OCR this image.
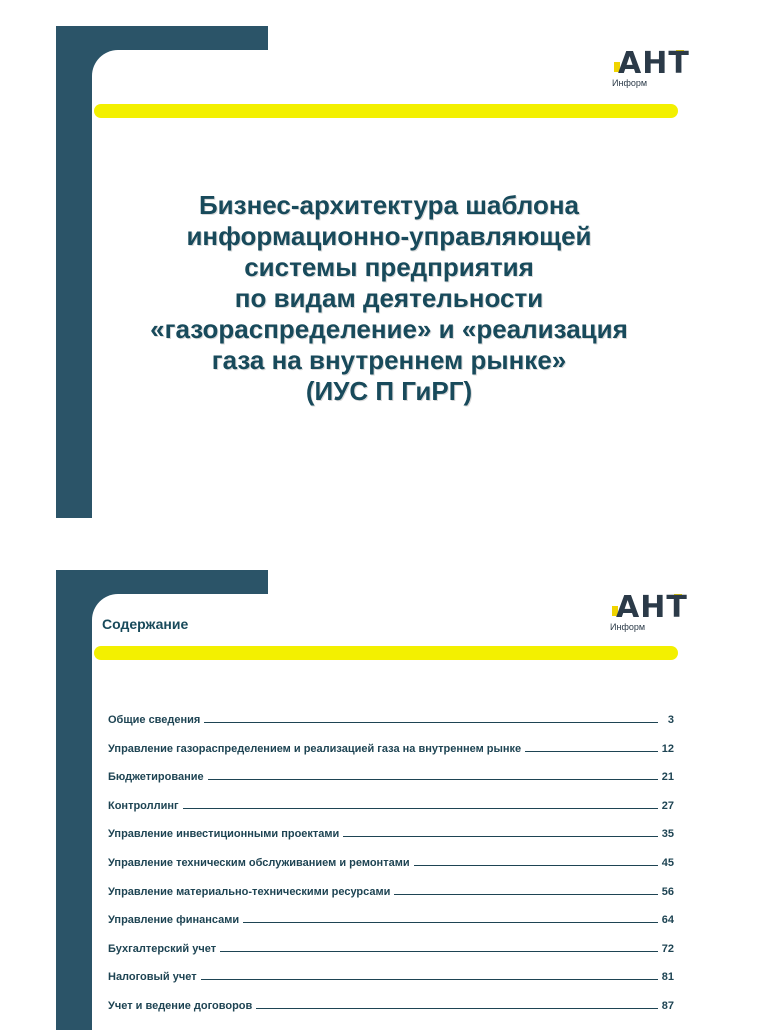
АНТ
Информ
Бизнес-архитектура шаблона
информационно-управляющей
системы предприятия
по видам деятельности
«газораспределение» и «реализация
газа на внутреннем рынке»
(ИУС П ГиРГ)
АНТ
Информ
Содержание
Общие сведения	3
Управление газораспределением и реализацией газа на внутреннем рынке	12
Бюджетирование	21
Контроллинг	27
Управление инвестиционными проектами	35
Управление техническим обслуживанием и ремонтами	45
Управление материально-техническими ресурсами	56
Управление финансами	64
Бухгалтерский учет	72
Налоговый учет	81
Учет и ведение договоров	87
